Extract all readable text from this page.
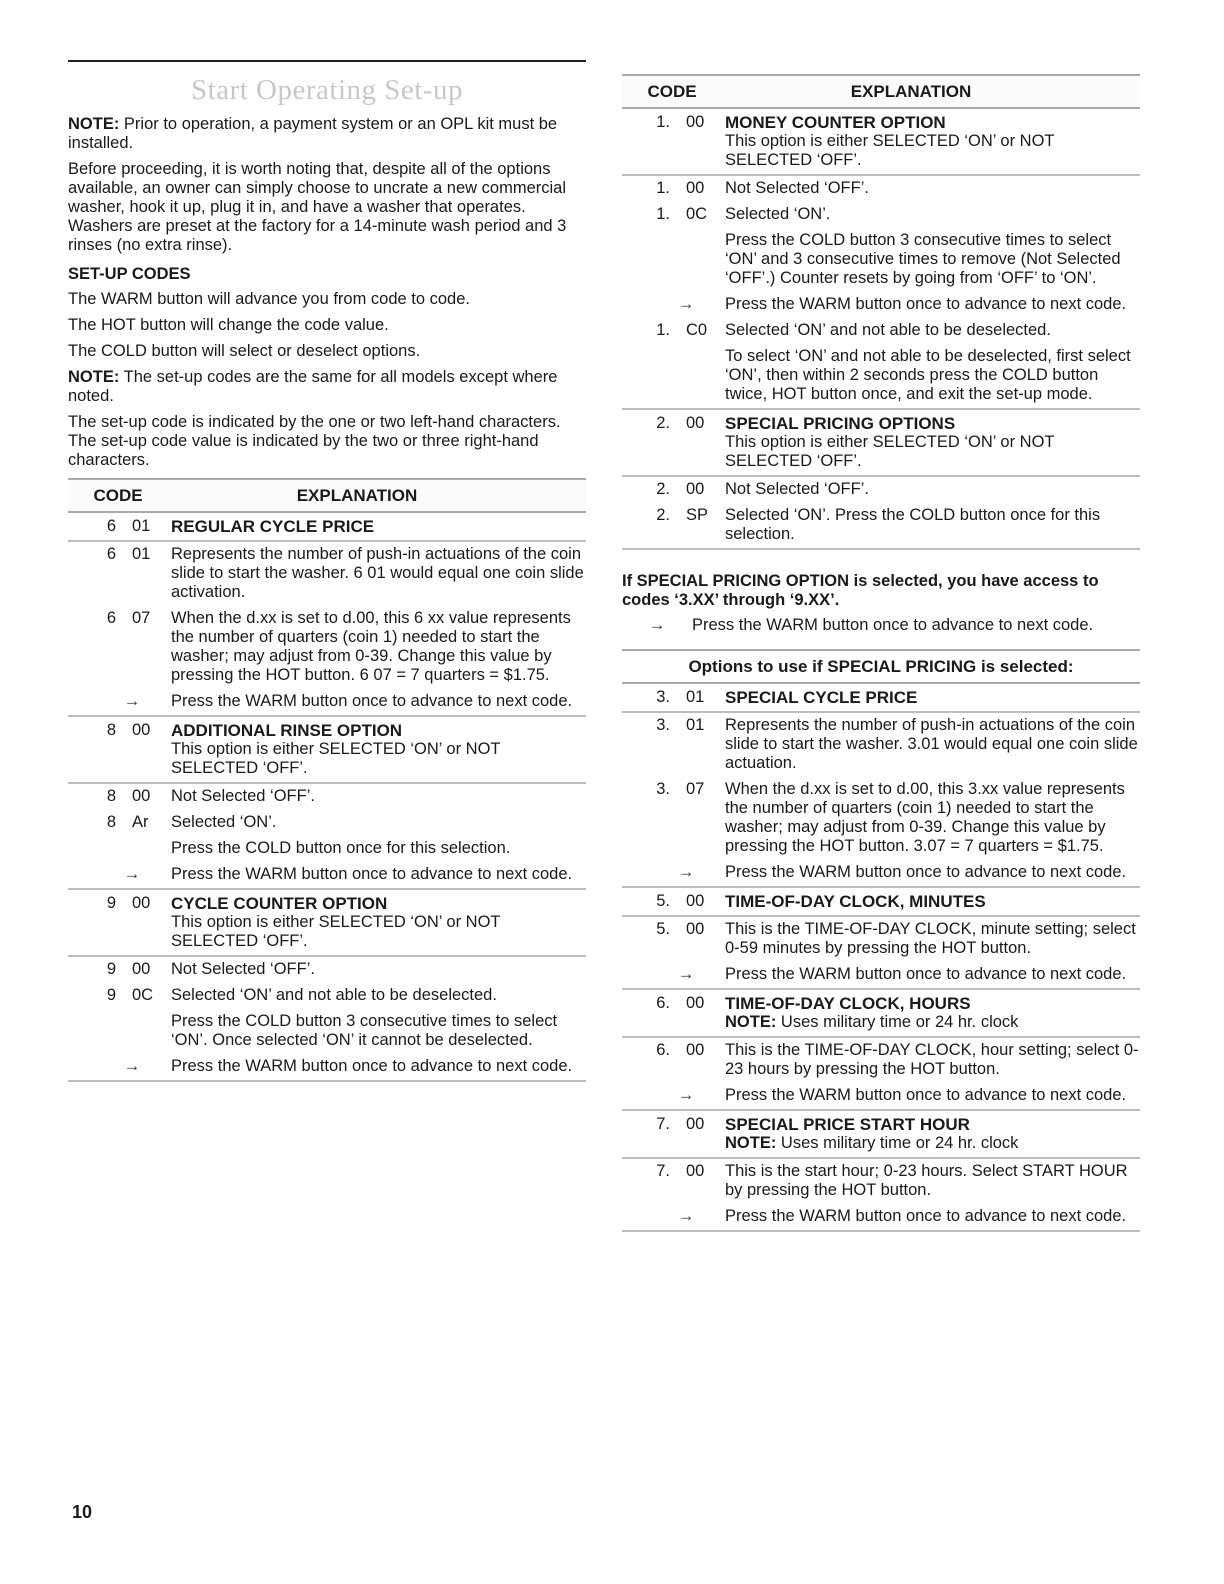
Start Operating Set-up

NOTE: Prior to operation, a payment system or an OPL kit must be installed.

Before proceeding, it is worth noting that, despite all of the options available, an owner can simply choose to uncrate a new commercial washer, hook it up, plug it in, and have a washer that operates. Washers are preset at the factory for a 14-minute wash period and 3 rinses (no extra rinse).

SET-UP CODES

The WARM button will advance you from code to code.

The HOT button will change the code value.

The COLD button will select or deselect options.

NOTE: The set-up codes are the same for all models except where noted.

The set-up code is indicated by the one or two left-hand characters. The set-up code value is indicated by the two or three right-hand characters.

CODE	EXPLANATION
6 01	REGULAR CYCLE PRICE
6 01	Represents the number of push-in actuations of the coin slide to start the washer. 6 01 would equal one coin slide activation.
6 07	When the d.xx is set to d.00, this 6 xx value represents the number of quarters (coin 1) needed to start the washer; may adjust from 0-39. Change this value by pressing the HOT button. 6 07 = 7 quarters = $1.75.
→	Press the WARM button once to advance to next code.
8 00	ADDITIONAL RINSE OPTION
This option is either SELECTED ‘ON’ or NOT SELECTED ‘OFF’.
8 00	Not Selected ‘OFF’.
8 Ar	Selected ‘ON’.
Press the COLD button once for this selection.
→	Press the WARM button once to advance to next code.
9 00	CYCLE COUNTER OPTION
This option is either SELECTED ‘ON’ or NOT SELECTED ‘OFF’.
9 00	Not Selected ‘OFF’.
9 0C	Selected ‘ON’ and not able to be deselected.
Press the COLD button 3 consecutive times to select ‘ON’. Once selected ‘ON’ it cannot be deselected.
→	Press the WARM button once to advance to next code.
CODE	EXPLANATION
1. 00	MONEY COUNTER OPTION
This option is either SELECTED ‘ON’ or NOT SELECTED ‘OFF’.
1. 00	Not Selected ‘OFF’.
1. 0C	Selected ‘ON’.
Press the COLD button 3 consecutive times to select ‘ON’ and 3 consecutive times to remove (Not Selected ‘OFF’.) Counter resets by going from ‘OFF’ to ‘ON’.
→	Press the WARM button once to advance to next code.
1. C0	Selected ‘ON’ and not able to be deselected.
To select ‘ON’ and not able to be deselected, first select ‘ON’, then within 2 seconds press the COLD button twice, HOT button once, and exit the set-up mode.
2. 00	SPECIAL PRICING OPTIONS
This option is either SELECTED ‘ON’ or NOT SELECTED ‘OFF’.
2. 00	Not Selected ‘OFF’.
2. SP	Selected ‘ON’. Press the COLD button once for this selection.
If SPECIAL PRICING OPTION is selected, you have access to codes ‘3.XX’ through ‘9.XX’.
→	Press the WARM button once to advance to next code.
Options to use if SPECIAL PRICING is selected:
3. 01	SPECIAL CYCLE PRICE
3. 01	Represents the number of push-in actuations of the coin slide to start the washer. 3.01 would equal one coin slide actuation.
3. 07	When the d.xx is set to d.00, this 3.xx value represents the number of quarters (coin 1) needed to start the washer; may adjust from 0-39. Change this value by pressing the HOT button. 3.07 = 7 quarters = $1.75.
→	Press the WARM button once to advance to next code.
5. 00	TIME-OF-DAY CLOCK, MINUTES
5. 00	This is the TIME-OF-DAY CLOCK, minute setting; select 0-59 minutes by pressing the HOT button.
→	Press the WARM button once to advance to next code.
6. 00	TIME-OF-DAY CLOCK, HOURS
NOTE: Uses military time or 24 hr. clock
6. 00	This is the TIME-OF-DAY CLOCK, hour setting; select 0-23 hours by pressing the HOT button.
→	Press the WARM button once to advance to next code.
7. 00	SPECIAL PRICE START HOUR
NOTE: Uses military time or 24 hr. clock
7. 00	This is the start hour; 0-23 hours. Select START HOUR by pressing the HOT button.
→	Press the WARM button once to advance to next code.
10
